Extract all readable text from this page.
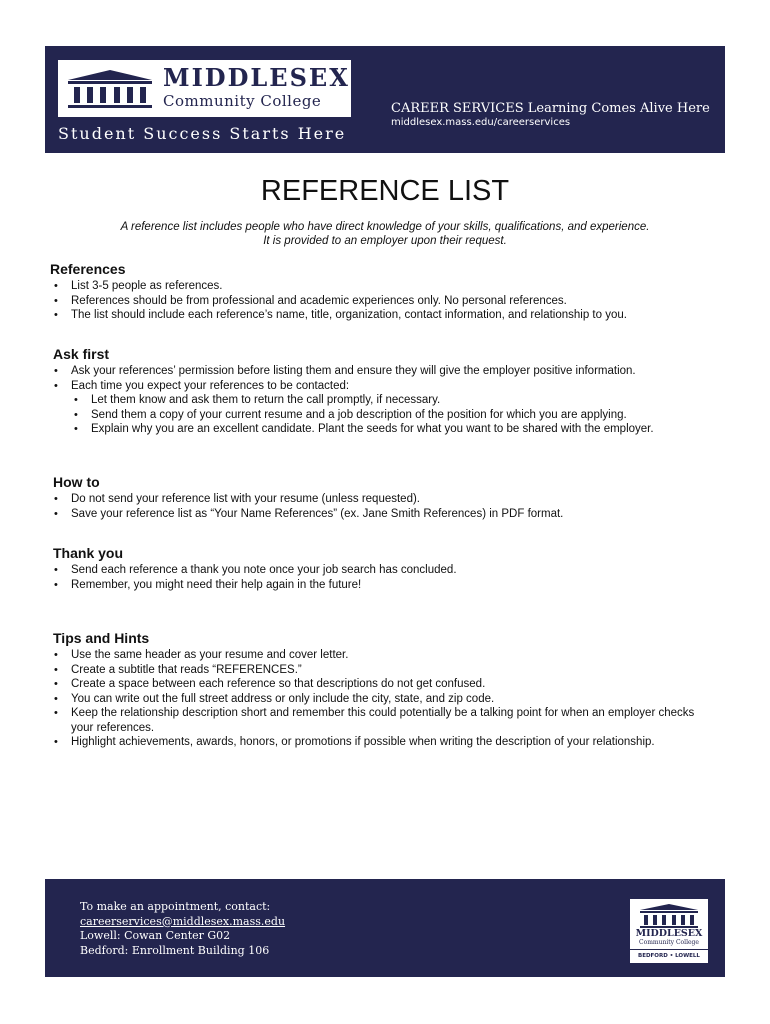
MIDDLESEX
Community College
Student Success Starts Here
CAREER SERVICES Learning Comes Alive Here
middlesex.mass.edu/careerservices
REFERENCE LIST
A reference list includes people who have direct knowledge of your skills, qualifications, and experience.
It is provided to an employer upon their request.
References
• List 3-5 people as references.
• References should be from professional and academic experiences only. No personal references.
• The list should include each reference’s name, title, organization, contact information, and relationship to you.
Ask first
• Ask your references’ permission before listing them and ensure they will give the employer positive information.
• Each time you expect your references to be contacted:
• Let them know and ask them to return the call promptly, if necessary.
• Send them a copy of your current resume and a job description of the position for which you are applying.
• Explain why you are an excellent candidate. Plant the seeds for what you want to be shared with the employer.
How to
• Do not send your reference list with your resume (unless requested).
• Save your reference list as “Your Name References” (ex. Jane Smith References) in PDF format.
Thank you
• Send each reference a thank you note once your job search has concluded.
• Remember, you might need their help again in the future!
Tips and Hints
• Use the same header as your resume and cover letter.
• Create a subtitle that reads “REFERENCES.”
• Create a space between each reference so that descriptions do not get confused.
• You can write out the full street address or only include the city, state, and zip code.
• Keep the relationship description short and remember this could potentially be a talking point for when an employer checks your references.
• Highlight achievements, awards, honors, or promotions if possible when writing the description of your relationship.
To make an appointment, contact:
careerservices@middlesex.mass.edu
Lowell: Cowan Center G02
Bedford: Enrollment Building 106
MIDDLESEX
Community College
BEDFORD • LOWELL
